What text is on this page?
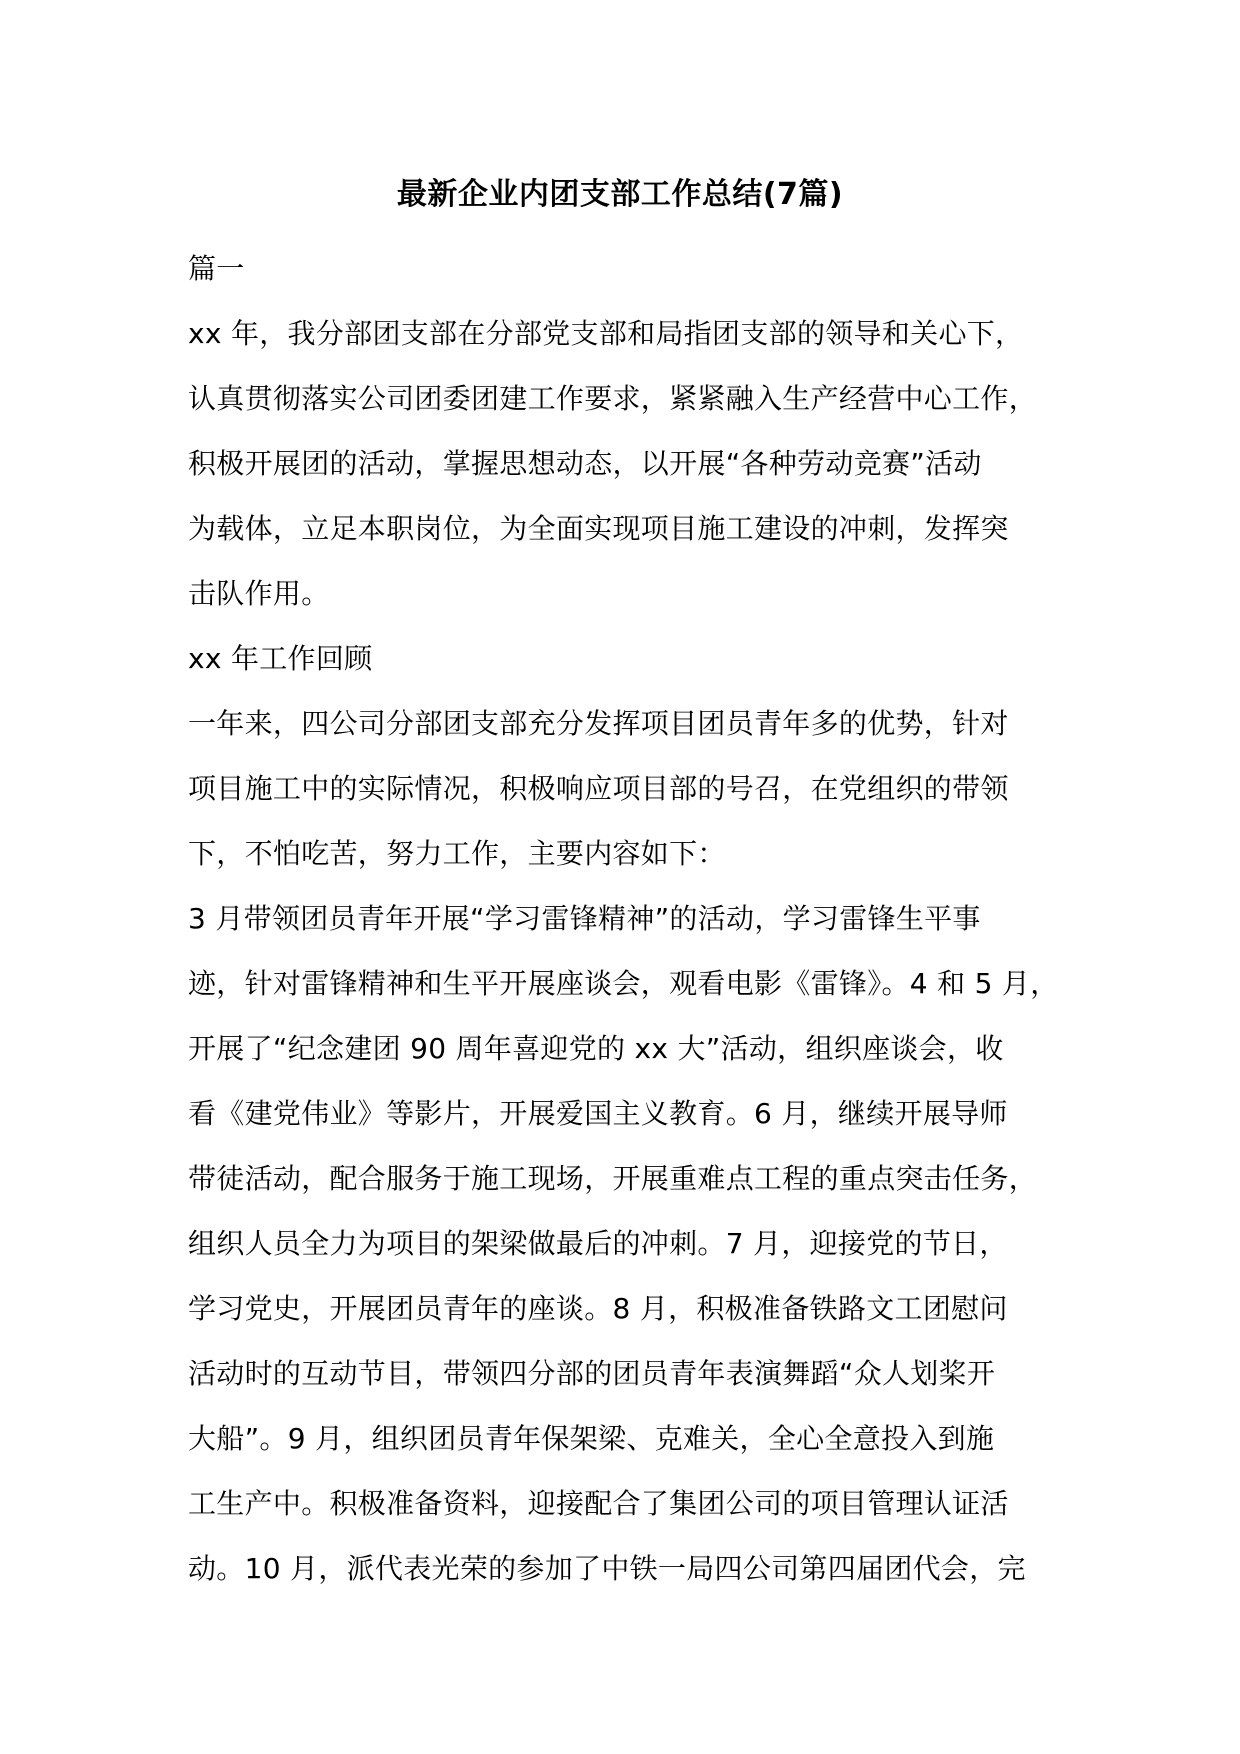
最新企业内团支部工作总结(7篇)
篇一
xx 年，我分部团支部在分部党支部和局指团支部的领导和关心下，
认真贯彻落实公司团委团建工作要求，紧紧融入生产经营中心工作，
积极开展团的活动，掌握思想动态，以开展“各种劳动竞赛”活动
为载体，立足本职岗位，为全面实现项目施工建设的冲刺，发挥突
击队作用。
xx 年工作回顾
一年来，四公司分部团支部充分发挥项目团员青年多的优势，针对
项目施工中的实际情况，积极响应项目部的号召，在党组织的带领
下，不怕吃苦，努力工作，主要内容如下：
3 月带领团员青年开展“学习雷锋精神”的活动，学习雷锋生平事
迹，针对雷锋精神和生平开展座谈会，观看电影《雷锋》。4 和 5 月，
开展了“纪念建团 90 周年喜迎党的 xx 大”活动，组织座谈会，收
看《建党伟业》等影片，开展爱国主义教育。6 月，继续开展导师
带徒活动，配合服务于施工现场，开展重难点工程的重点突击任务，
组织人员全力为项目的架梁做最后的冲刺。7 月，迎接党的节日，
学习党史，开展团员青年的座谈。8 月，积极准备铁路文工团慰问
活动时的互动节目，带领四分部的团员青年表演舞蹈“众人划桨开
大船”。9 月，组织团员青年保架梁、克难关，全心全意投入到施
工生产中。积极准备资料，迎接配合了集团公司的项目管理认证活
动。10 月，派代表光荣的参加了中铁一局四公司第四届团代会，完
